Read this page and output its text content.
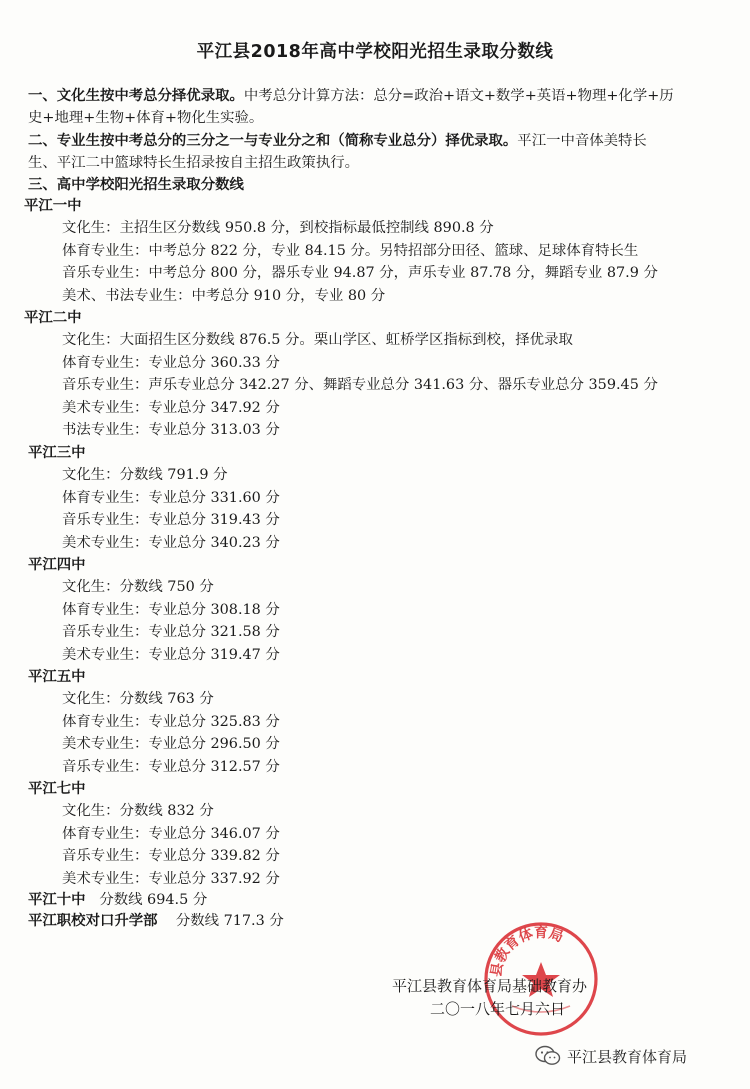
平江县2018年高中学校阳光招生录取分数线
一、文化生按中考总分择优录取。中考总分计算方法：总分=政治+语文+数学+英语+物理+化学+历
史+地理+生物+体育+物化生实验。
二、专业生按中考总分的三分之一与专业分之和（简称专业总分）择优录取。平江一中音体美特长
生、平江二中篮球特长生招录按自主招生政策执行。
三、高中学校阳光招生录取分数线
平江一中
文化生：主招生区分数线 950.8 分，到校指标最低控制线 890.8 分
体育专业生：中考总分 822 分，专业 84.15 分。另特招部分田径、篮球、足球体育特长生
音乐专业生：中考总分 800 分，器乐专业 94.87 分，声乐专业 87.78 分，舞蹈专业 87.9 分
美术、书法专业生：中考总分 910 分，专业 80 分
平江二中
文化生：大面招生区分数线 876.5 分。栗山学区、虹桥学区指标到校，择优录取
体育专业生：专业总分 360.33 分
音乐专业生：声乐专业总分 342.27 分、舞蹈专业总分 341.63 分、器乐专业总分 359.45 分
美术专业生：专业总分 347.92 分
书法专业生：专业总分 313.03 分
平江三中
文化生：分数线 791.9 分
体育专业生：专业总分 331.60 分
音乐专业生：专业总分 319.43 分
美术专业生：专业总分 340.23 分
平江四中
文化生：分数线 750 分
体育专业生：专业总分 308.18 分
音乐专业生：专业总分 321.58 分
美术专业生：专业总分 319.47 分
平江五中
文化生：分数线 763 分
体育专业生：专业总分 325.83 分
美术专业生：专业总分 296.50 分
音乐专业生：专业总分 312.57 分
平江七中
文化生：分数线 832 分
体育专业生：专业总分 346.07 分
音乐专业生：专业总分 339.82 分
美术专业生：专业总分 337.92 分
平江十中 分数线 694.5 分
平江职校对口升学部 分数线 717.3 分
县教育体育局
平江县教育体育局基础教育办
二〇一八年七月六日
平江县教育体育局
